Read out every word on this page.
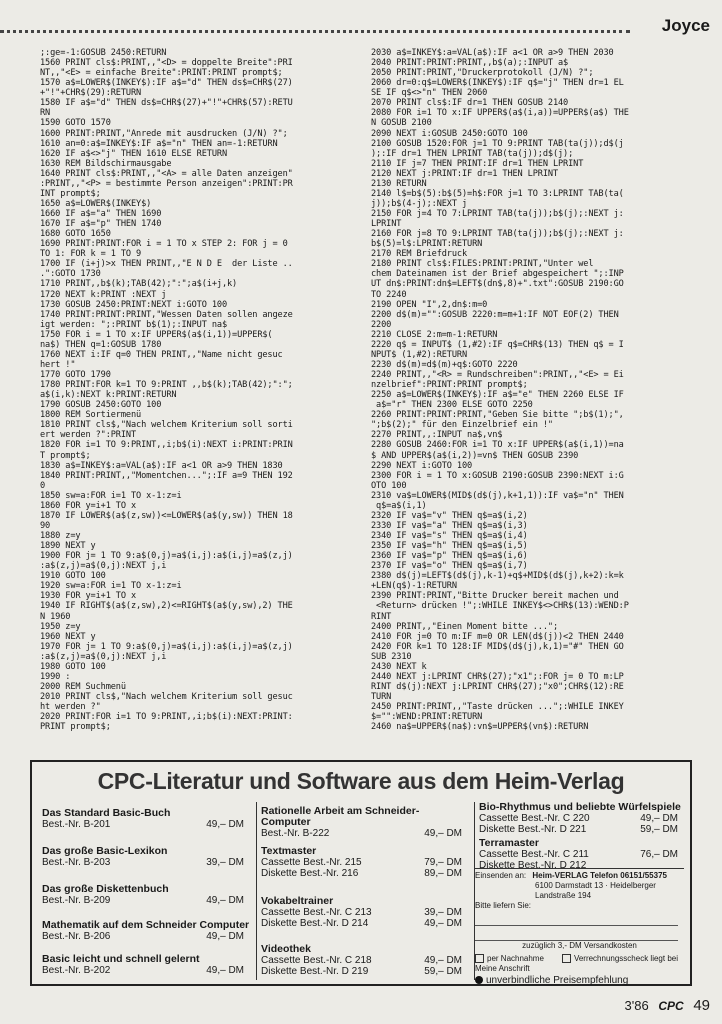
Joyce
;:ge=-1:GOSUB 2450:RETURN
1560 PRINT cls$:PRINT,,"<D> = doppelte Breite":PRI
NT,,"<E> = einfache Breite":PRINT:PRINT prompt$;
1570 a$=LOWER$(INKEY$):IF a$="d" THEN ds$=CHR$(27)
+"!"+CHR$(29):RETURN
1580 IF a$="d" THEN ds$=CHR$(27)+"!"+CHR$(57):RETU
RN
1590 GOTO 1570
1600 PRINT:PRINT,"Anrede mit ausdrucken (J/N) ?";
1610 an=0:a$=INKEY$:IF a$="n" THEN an=-1:RETURN
1620 IF a$<>"j" THEN 1610 ELSE RETURN
1630 REM Bildschirmausgabe
1640 PRINT cls$:PRINT,,"<A> = alle Daten anzeigen"
:PRINT,,"<P> = bestimmte Person anzeigen":PRINT:PR
INT prompt$;
1650 a$=LOWER$(INKEY$)
1660 IF a$="a" THEN 1690
1670 IF a$="p" THEN 1740
1680 GOTO 1650
1690 PRINT:PRINT:FOR i = 1 TO x STEP 2: FOR j = 0
TO 1: FOR k = 1 TO 9
1700 IF (i+j)>x THEN PRINT,,"E N D E  der Liste ..
.":GOTO 1730
1710 PRINT,,b$(k);TAB(42);":";a$(i+j,k)
1720 NEXT k:PRINT :NEXT j
1730 GOSUB 2450:PRINT:NEXT i:GOTO 100
1740 PRINT:PRINT:PRINT,"Wessen Daten sollen angeze
igt werden: ";:PRINT b$(1);:INPUT na$
1750 FOR i = 1 TO x:IF UPPER$(a$(i,1))=UPPER$(
na$) THEN q=1:GOSUB 1780
1760 NEXT i:IF q=0 THEN PRINT,,"Name nicht gesuc
hert !"
1770 GOTO 1790
1780 PRINT:FOR k=1 TO 9:PRINT ,,b$(k);TAB(42);":";
a$(i,k):NEXT k:PRINT:RETURN
1790 GOSUB 2450:GOTO 100
1800 REM Sortiermenü
1810 PRINT cls$,"Nach welchem Kriterium soll sorti
ert werden ?":PRINT
1820 FOR i=1 TO 9:PRINT,,i;b$(i):NEXT i:PRINT:PRIN
T prompt$;
1830 a$=INKEY$:a=VAL(a$):IF a<1 OR a>9 THEN 1830
1840 PRINT:PRINT,,"Momentchen...";:IF a=9 THEN 192
0
1850 sw=a:FOR i=1 TO x-1:z=i
1860 FOR y=i+1 TO x
1870 IF LOWER$(a$(z,sw))<=LOWER$(a$(y,sw)) THEN 18
90
1880 z=y
1890 NEXT y
1900 FOR j= 1 TO 9:a$(0,j)=a$(i,j):a$(i,j)=a$(z,j)
:a$(z,j)=a$(0,j):NEXT j,i
1910 GOTO 100
1920 sw=a:FOR i=1 TO x-1:z=i
1930 FOR y=i+1 TO x
1940 IF RIGHT$(a$(z,sw),2)<=RIGHT$(a$(y,sw),2) THE
N 1960
1950 z=y
1960 NEXT y
1970 FOR j= 1 TO 9:a$(0,j)=a$(i,j):a$(i,j)=a$(z,j)
:a$(z,j)=a$(0,j):NEXT j,i
1980 GOTO 100
1990 :
2000 REM Suchmenü
2010 PRINT cls$,"Nach welchem Kriterium soll gesuc
ht werden ?"
2020 PRINT:FOR i=1 TO 9:PRINT,,i;b$(i):NEXT:PRINT:
PRINT prompt$;
2030 a$=INKEY$:a=VAL(a$):IF a<1 OR a>9 THEN 2030
2040 PRINT:PRINT:PRINT,,b$(a);:INPUT a$
2050 PRINT:PRINT,"Druckerprotokoll (J/N) ?";
2060 dr=0:q$=LOWER$(INKEY$):IF q$="j" THEN dr=1 EL
SE IF q$<>"n" THEN 2060
2070 PRINT cls$:IF dr=1 THEN GOSUB 2140
2080 FOR i=1 TO x:IF UPPER$(a$(i,a))=UPPER$(a$) THE
N GOSUB 2100
2090 NEXT i:GOSUB 2450:GOTO 100
2100 GOSUB 1520:FOR j=1 TO 9:PRINT TAB(ta(j));d$(j
);:IF dr=1 THEN LPRINT TAB(ta(j));d$(j);
2110 IF j=7 THEN PRINT:IF dr=1 THEN LPRINT
2120 NEXT j:PRINT:IF dr=1 THEN LPRINT
2130 RETURN
2140 l$=b$(5):b$(5)=h$:FOR j=1 TO 3:LPRINT TAB(ta(
j));b$(4-j);:NEXT j
2150 FOR j=4 TO 7:LPRINT TAB(ta(j));b$(j);:NEXT j:
LPRINT
2160 FOR j=8 TO 9:LPRINT TAB(ta(j));b$(j);:NEXT j:
b$(5)=l$:LPRINT:RETURN
2170 REM Briefdruck
2180 PRINT cls$:FILES:PRINT:PRINT,"Unter wel
chem Dateinamen ist der Brief abgespeichert ";:INP
UT dn$:PRINT:dn$=LEFT$(dn$,8)+".txt":GOSUB 2190:GO
TO 2240
2190 OPEN "I",2,dn$:m=0
2200 d$(m)="":GOSUB 2220:m=m+1:IF NOT EOF(2) THEN
2200
2210 CLOSE 2:m=m-1:RETURN
2220 q$ = INPUT$ (1,#2):IF q$=CHR$(13) THEN q$ = I
NPUT$ (1,#2):RETURN
2230 d$(m)=d$(m)+q$:GOTO 2220
2240 PRINT,,"<R> = Rundschreiben":PRINT,,"<E> = Ei
nzelbrief":PRINT:PRINT prompt$;
2250 a$=LOWER$(INKEY$):IF a$="e" THEN 2260 ELSE IF
a$="r" THEN 2300 ELSE GOTO 2250
2260 PRINT:PRINT:PRINT,"Geben Sie bitte ";b$(1);",
";b$(2);" für den Einzelbrief ein !"
2270 PRINT,,:INPUT na$,vn$
2280 GOSUB 2460:FOR i=1 TO x:IF UPPER$(a$(i,1))=na
$ AND UPPER$(a$(i,2))=vn$ THEN GOSUB 2390
2290 NEXT i:GOTO 100
2300 FOR i = 1 TO x:GOSUB 2190:GOSUB 2390:NEXT i:G
OTO 100
2310 va$=LOWER$(MID$(d$(j),k+1,1)):IF va$="n" THEN
q$=a$(i,1)
2320 IF va$="v" THEN q$=a$(i,2)
2330 IF va$="a" THEN q$=a$(i,3)
2340 IF va$="s" THEN q$=a$(i,4)
2350 IF va$="h" THEN q$=a$(i,5)
2360 IF va$="p" THEN q$=a$(i,6)
2370 IF va$="o" THEN q$=a$(i,7)
2380 d$(j)=LEFT$(d$(j),k-1)+q$+MID$(d$(j),k+2):k=k
+LEN(q$)-1:RETURN
2390 PRINT:PRINT,"Bitte Drucker bereit machen und
<Return> drücken !";:WHILE INKEY$<>CHR$(13):WEND:P
RINT
2400 PRINT,,"Einen Moment bitte ...";
2410 FOR j=0 TO m:IF m=0 OR LEN(d$(j))<2 THEN 2440
2420 FOR k=1 TO 128:IF MID$(d$(j),k,1)="#" THEN GO
SUB 2310
2430 NEXT k
2440 NEXT j:LPRINT CHR$(27);"x1";:FOR j= 0 TO m:LP
RINT d$(j):NEXT j:LPRINT CHR$(27);"x0";CHR$(12):RE
TURN
2450 PRINT:PRINT,,"Taste drücken ...";:WHILE INKEY
$="":WEND:PRINT:RETURN
2460 na$=UPPER$(na$):vn$=UPPER$(vn$):RETURN
CPC-Literatur und Software aus dem Heim-Verlag
Basic leicht und schnell gelernt
Best.-Nr. B-202	49,– DM
Mathematik auf dem Schneider Computer
Best.-Nr. B-206	49,– DM
Das große Diskettenbuch
Best.-Nr. B-209	49,– DM
Das große Basic-Lexikon
Best.-Nr. B-203	39,– DM
Das Standard Basic-Buch
Best.-Nr. B-201	49,– DM
Videothek
Cassette Best.-Nr. C 218	49,– DM
Diskette Best.-Nr. D 219	59,– DM
Vokabeltrainer
Cassette Best.-Nr. C 213	39,– DM
Diskette Best.-Nr. D 214	49,– DM
Textmaster
Cassette Best.-Nr. 215	79,– DM
Diskette Best.-Nr. 216	89,– DM
Rationelle Arbeit am Schneider-Computer
Best.-Nr. B-222	49,– DM
Terramaster
Cassette Best.-Nr. C 211	76,– DM
Diskette Best.-Nr. D 212
Bio-Rhythmus und beliebte Würfelspiele
Cassette Best.-Nr. C 220	49,– DM
Diskette Best.-Nr. D 221	59,– DM
Einsenden an: Heim-VERLAG Telefon 06151/55375
6100 Darmstadt 13 · Heidelberger Landstraße 194
Bitte liefern Sie:
zuzüglich 3,- DM Versandkosten
per Nachnahme	Verrechnungsscheck liegt bei
Meine Anschrift
unverbindliche Preisempfehlung
3'86 CPC 49
